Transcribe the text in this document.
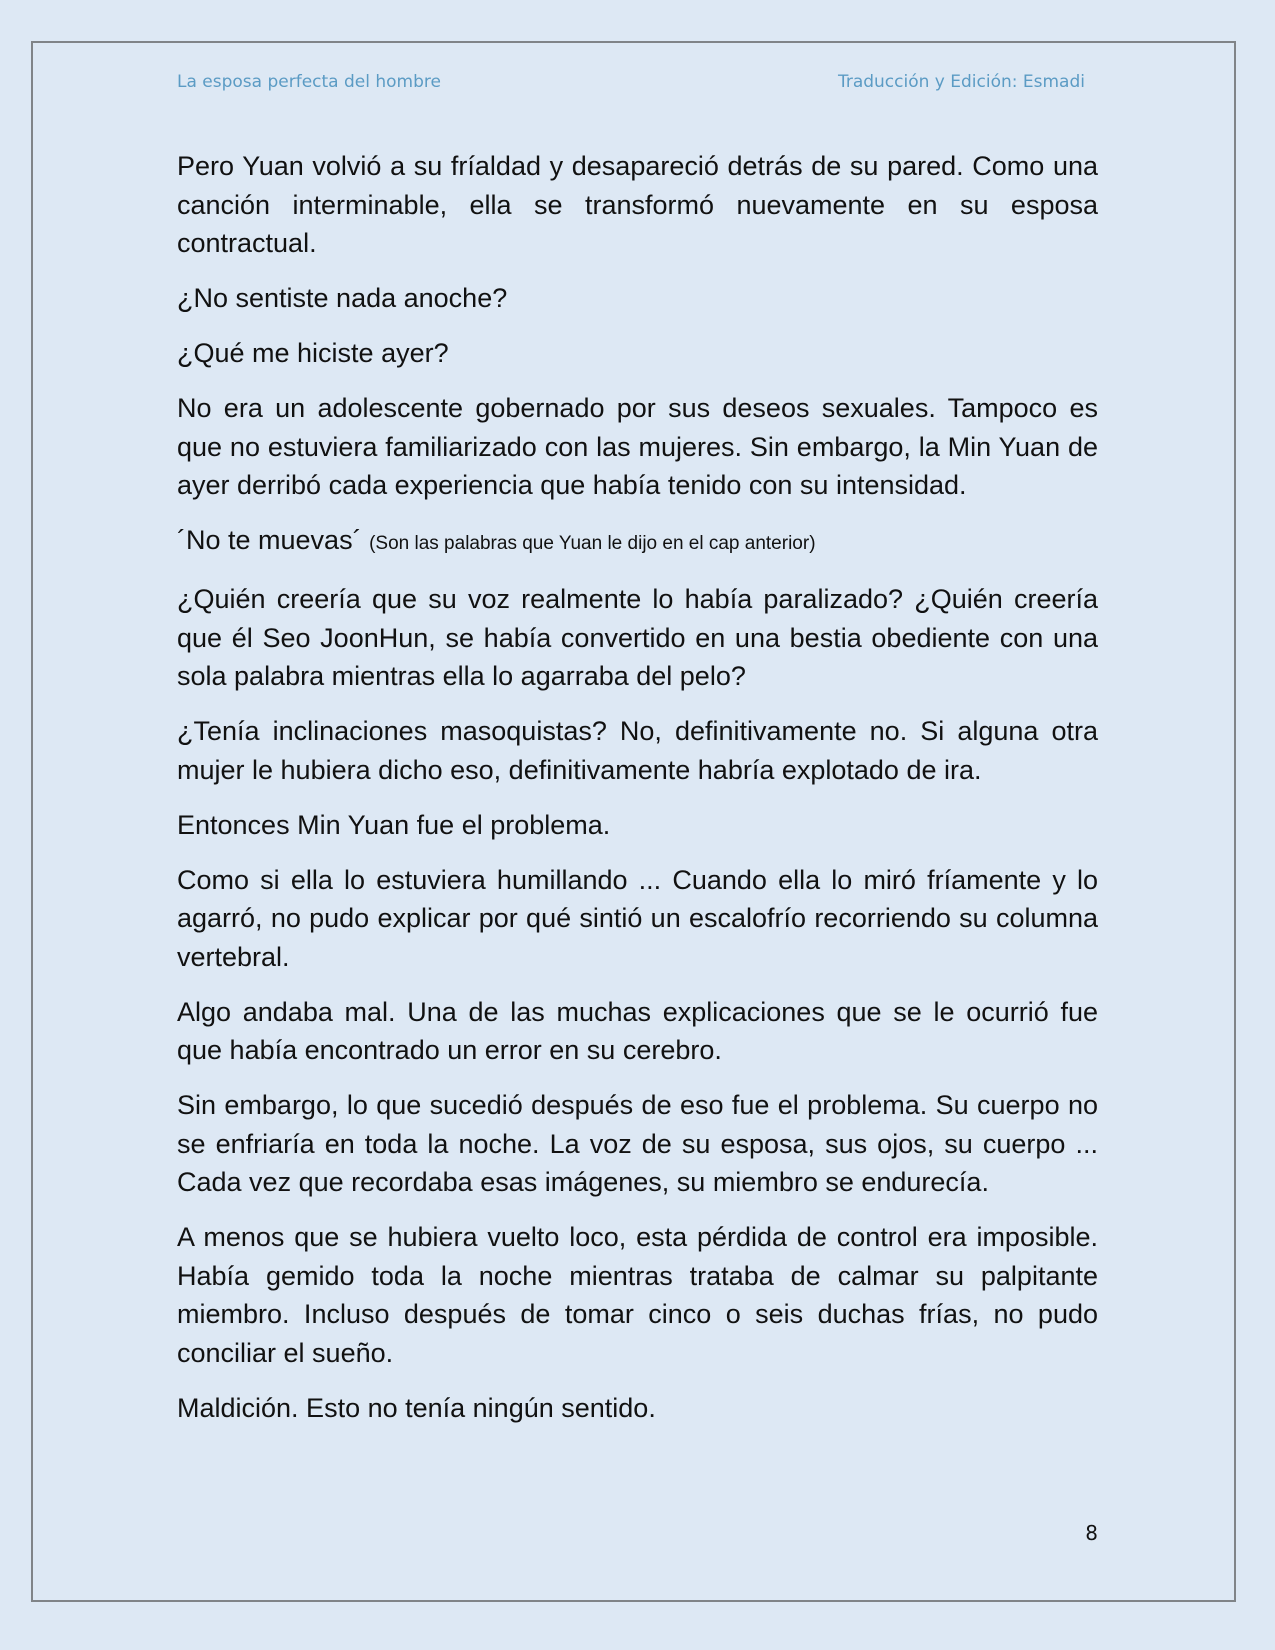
La esposa perfecta del hombre	Traducción y Edición: Esmadi

Pero Yuan volvió a su fríaldad y desapareció detrás de su pared. Como una canción interminable, ella se transformó nuevamente en su esposa contractual.

¿No sentiste nada anoche?

¿Qué me hiciste ayer?

No era un adolescente gobernado por sus deseos sexuales. Tampoco es que no estuviera familiarizado con las mujeres. Sin embargo, la Min Yuan de ayer derribó cada experiencia que había tenido con su intensidad.

´No te muevas´ (Son las palabras que Yuan le dijo en el cap anterior)

¿Quién creería que su voz realmente lo había paralizado? ¿Quién creería que él Seo JoonHun, se había convertido en una bestia obediente con una sola palabra mientras ella lo agarraba del pelo?

¿Tenía inclinaciones masoquistas? No, definitivamente no. Si alguna otra mujer le hubiera dicho eso, definitivamente habría explotado de ira.

Entonces Min Yuan fue el problema.

Como si ella lo estuviera humillando ... Cuando ella lo miró fríamente y lo agarró, no pudo explicar por qué sintió un escalofrío recorriendo su columna vertebral.

Algo andaba mal. Una de las muchas explicaciones que se le ocurrió fue que había encontrado un error en su cerebro.

Sin embargo, lo que sucedió después de eso fue el problema. Su cuerpo no se enfriaría en toda la noche. La voz de su esposa, sus ojos, su cuerpo ... Cada vez que recordaba esas imágenes, su miembro se endurecía.

A menos que se hubiera vuelto loco, esta pérdida de control era imposible. Había gemido toda la noche mientras trataba de calmar su palpitante miembro. Incluso después de tomar cinco o seis duchas frías, no pudo conciliar el sueño.

Maldición. Esto no tenía ningún sentido.

8
